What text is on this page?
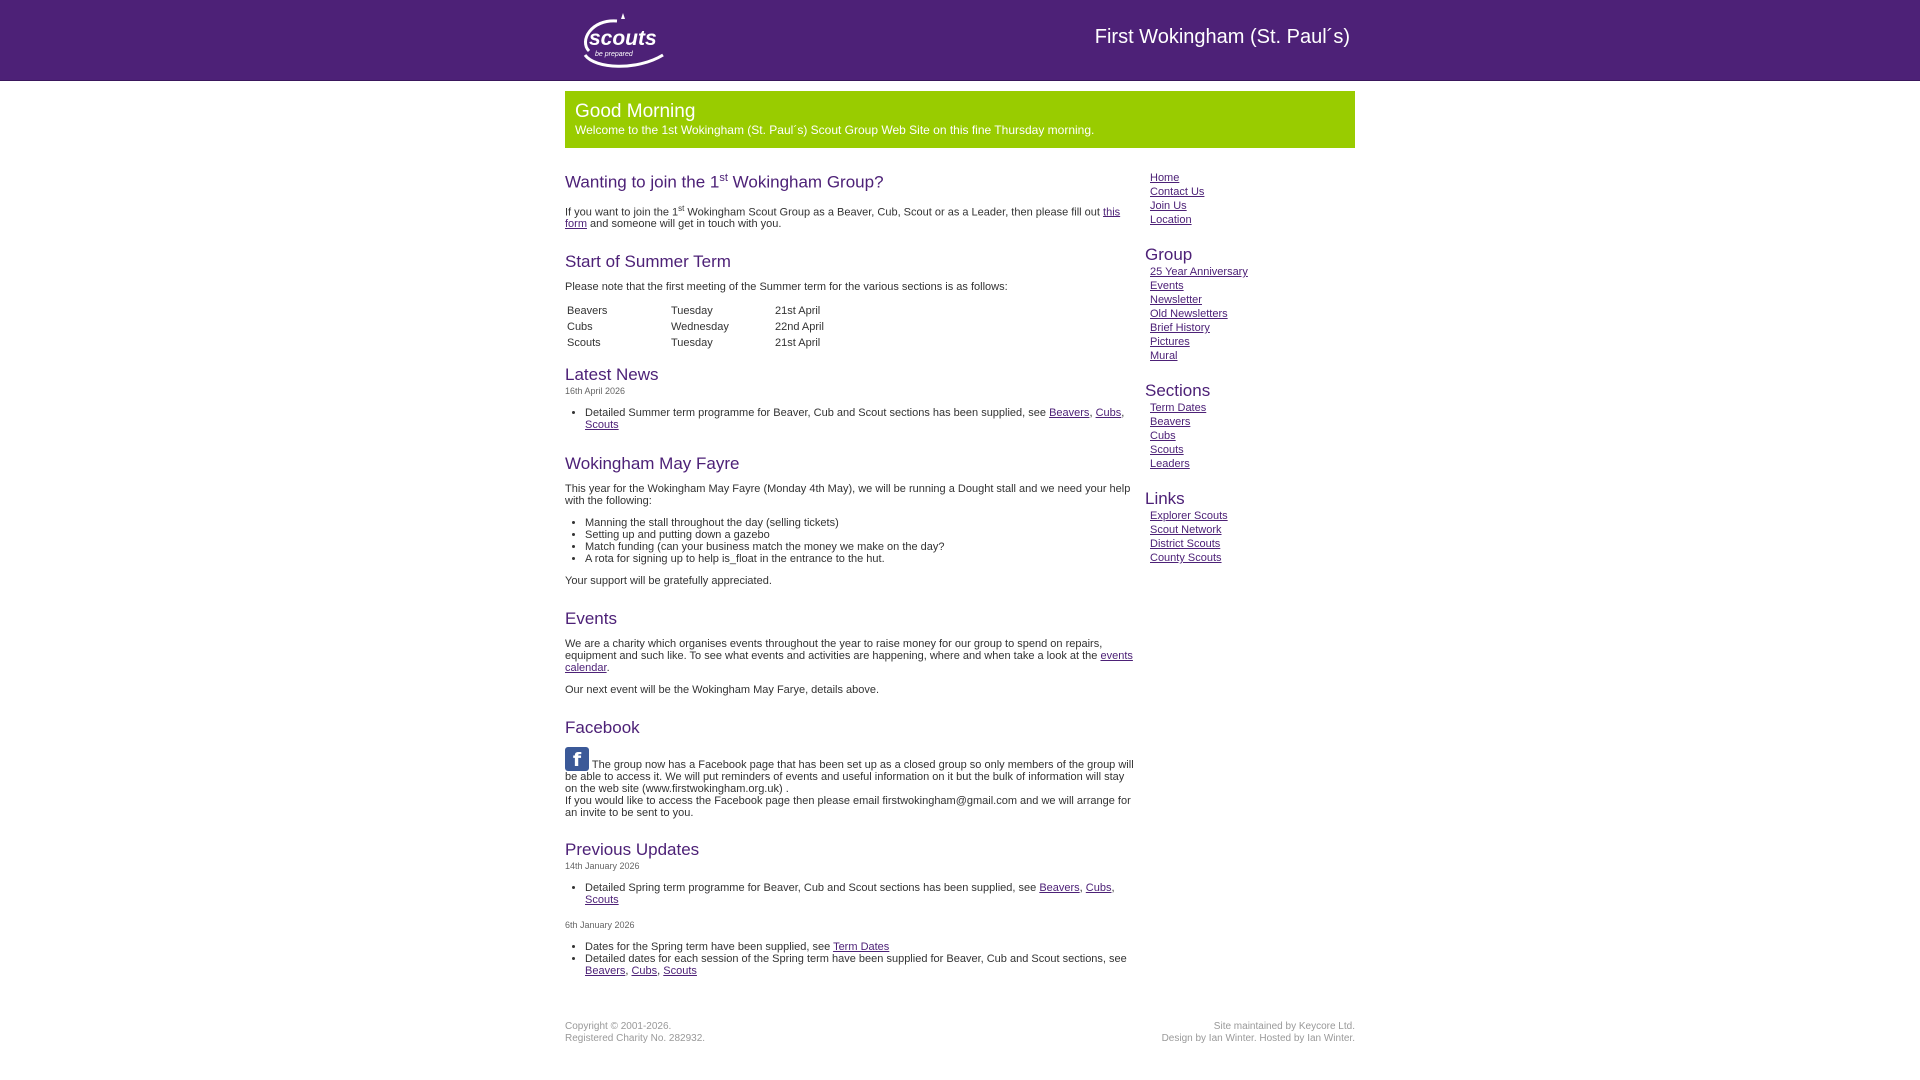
scouts
be prepared
First Wokingham (St. Paul´s)
Good Morning

Welcome to the 1st Wokingham (St. Paul´s) Scout Group Web Site on this fine Thursday morning.

Wanting to join the 1st Wokingham Group?

If you want to join the 1st Wokingham Scout Group as a Beaver, Cub, Scout or as a Leader, then please fill out this form and someone will get in touch with you.

Start of Summer Term

Please note that the first meeting of the Summer term for the various sections is as follows:

Beavers	Tuesday	21st April
Cubs	Wednesday	22nd April
Scouts	Tuesday	21st April
Latest News
16th April 2026
• Detailed Summer term programme for Beaver, Cub and Scout sections has been supplied, see Beavers, Cubs, Scouts
Wokingham May Fayre

This year for the Wokingham May Fayre (Monday 4th May), we will be running a Dought stall and we need your help with the following:

• Manning the stall throughout the day (selling tickets)
• Setting up and putting down a gazebo
• Match funding (can your business match the money we make on the day?
• A rota for signing up to help is_float in the entrance to the hut.

Your support will be gratefully appreciated.

Events

We are a charity which organises events throughout the year to raise money for our group to spend on repairs, equipment and such like. To see what events and activities are happening, where and when take a look at the events calendar.

Our next event will be the Wokingham May Farye, details above.

Facebook

f The group now has a Facebook page that has been set up as a closed group so only members of the group will be able to access it. We will put reminders of events and useful information on it but the bulk of information will stay on the web site (www.firstwokingham.org.uk) .
If you would like to access the Facebook page then please email firstwokingham@gmail.com and we will arrange for an invite to be sent to you.

Previous Updates
14th January 2026
• Detailed Spring term programme for Beaver, Cub and Scout sections has been supplied, see Beavers, Cubs, Scouts
6th January 2026
• Dates for the Spring term have been supplied, see Term Dates
• Detailed dates for each session of the Spring term have been supplied for Beaver, Cub and Scout sections, see Beavers, Cubs, Scouts
Home
Contact Us
Join Us
Location
Group
25 Year Anniversary
Events
Newsletter
Old Newsletters
Brief History
Pictures
Mural
Sections
Term Dates
Beavers
Cubs
Scouts
Leaders
Links
Explorer Scouts
Scout Network
District Scouts
County Scouts
Copyright © 2001-2026.
Registered Charity No. 282932.
Site maintained by Keycore Ltd.
Design by Ian Winter. Hosted by Ian Winter.
